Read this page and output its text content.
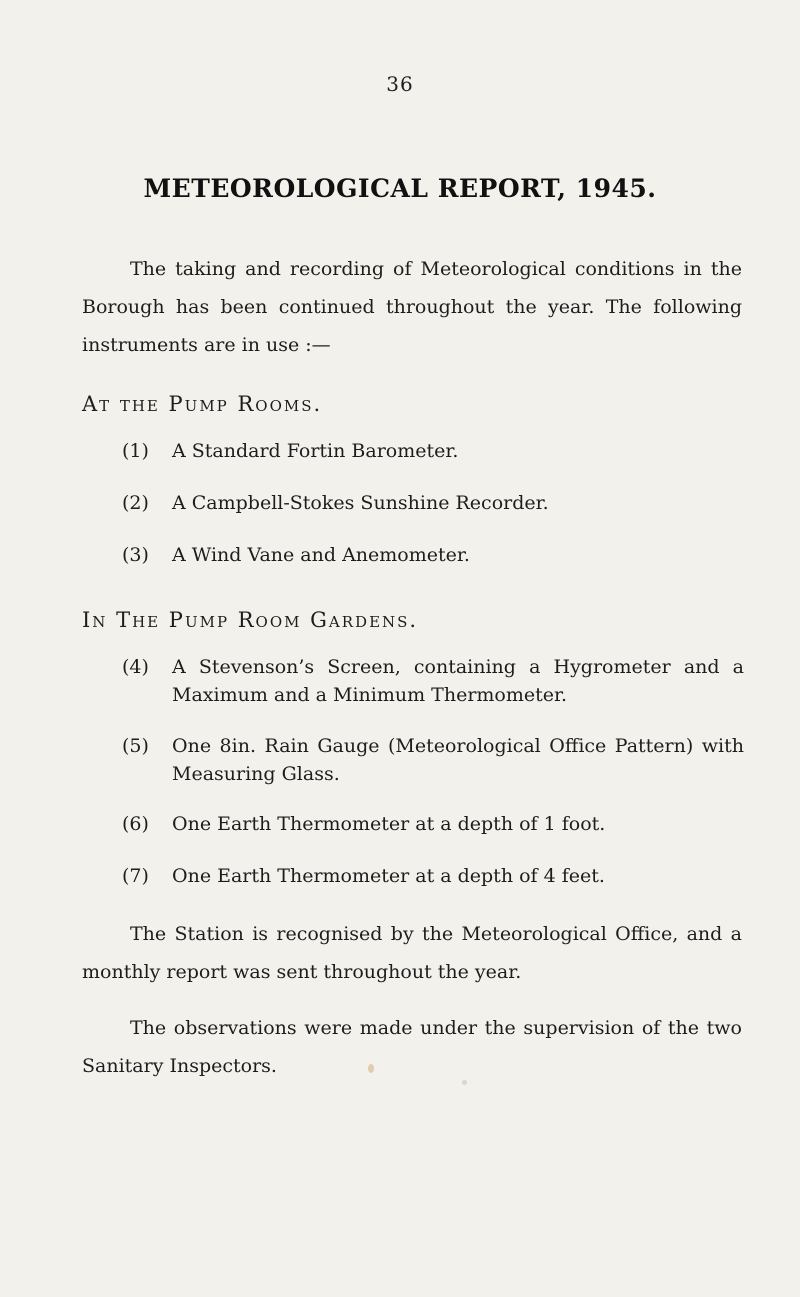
36
METEOROLOGICAL REPORT, 1945.
The taking and recording of Meteorological conditions in the Borough has been continued throughout the year. The following instruments are in use :—
At the Pump Rooms.
(1)	A Standard Fortin Barometer.
(2)	A Campbell-Stokes Sunshine Recorder.
(3)	A Wind Vane and Anemometer.
In The Pump Room Gardens.
(4)	A Stevenson’s Screen, containing a Hygrometer and a Maximum and a Minimum Thermometer.
(5)	One 8in. Rain Gauge (Meteorological Office Pattern) with Measuring Glass.
(6)	One Earth Thermometer at a depth of 1 foot.
(7)	One Earth Thermometer at a depth of 4 feet.
The Station is recognised by the Meteorological Office, and a monthly report was sent throughout the year.
The observations were made under the supervision of the two Sanitary Inspectors.
